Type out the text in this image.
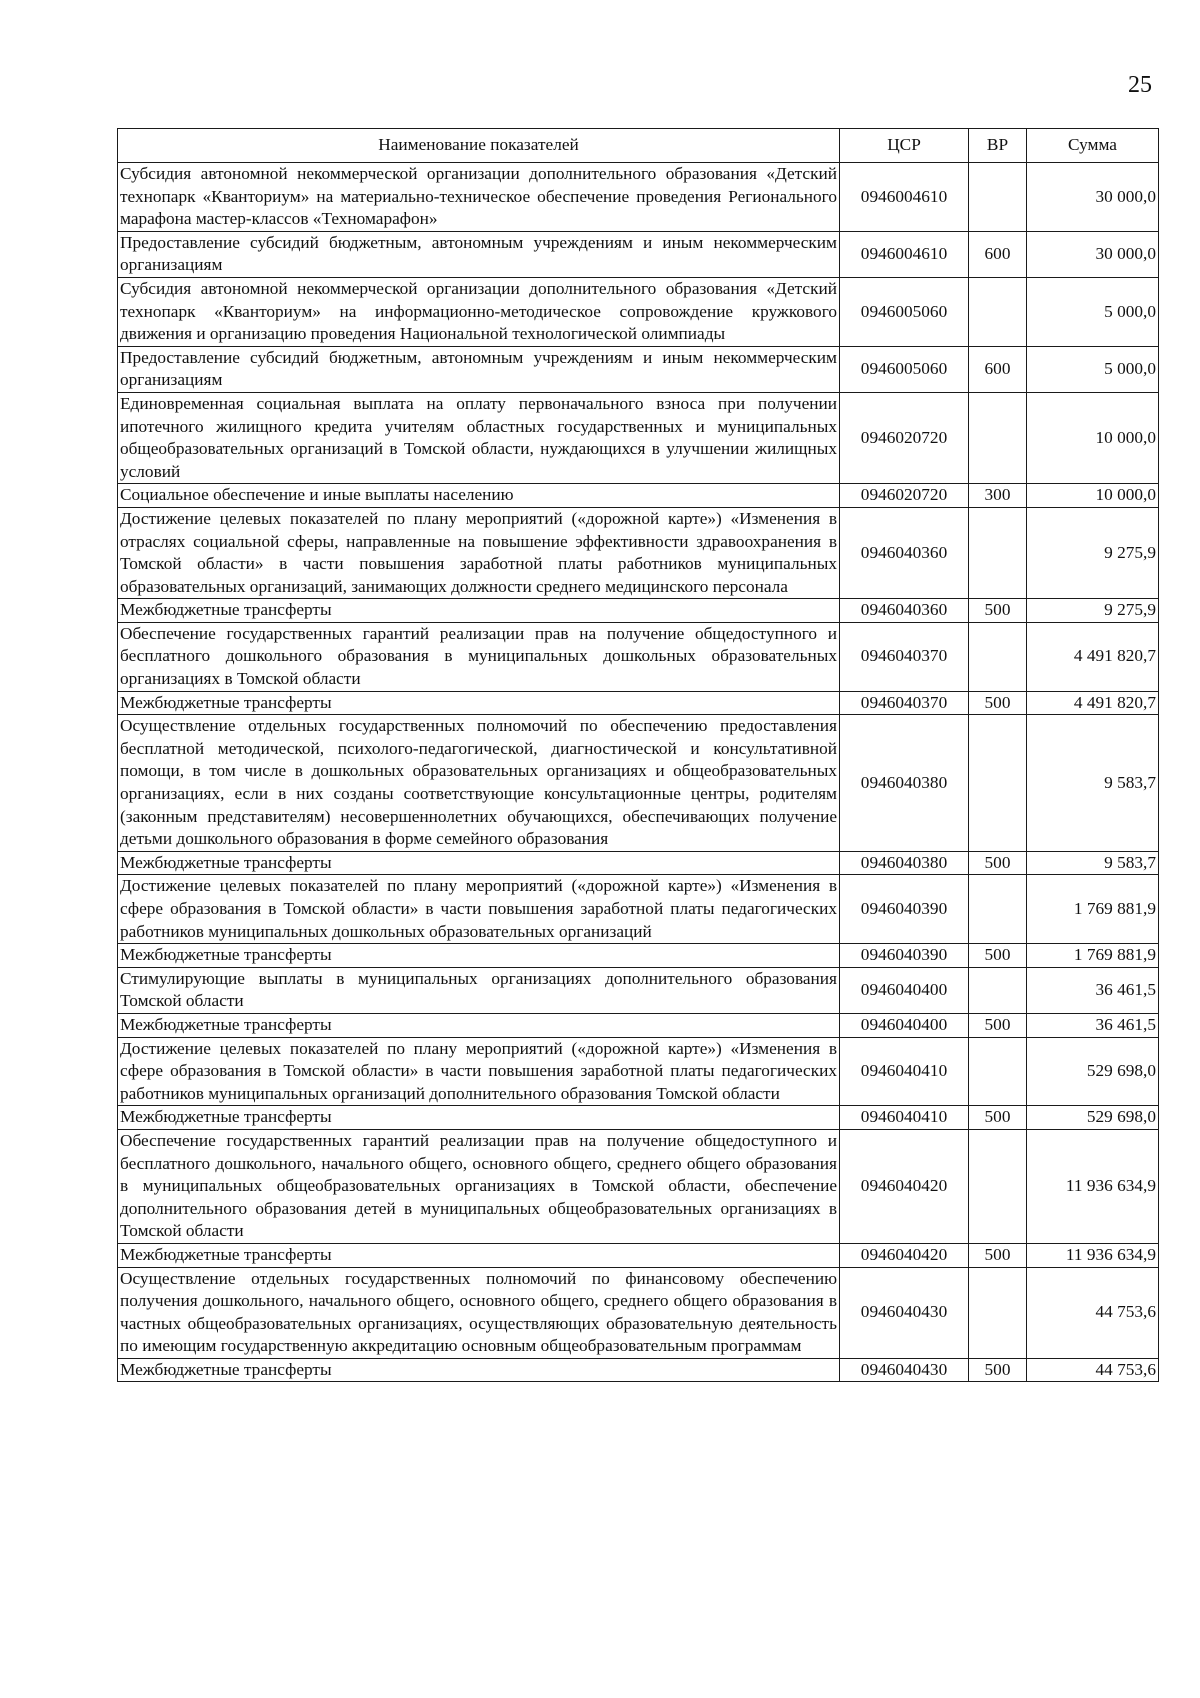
25
Наименование показателей	ЦСР	ВР	Сумма
Субсидия автономной некоммерческой организации дополнительного образования «Детский технопарк «Кванториум» на материально-техническое обеспечение проведения Регионального марафона мастер-классов «Техномарафон»	0946004610		30 000,0
Предоставление субсидий бюджетным, автономным учреждениям и иным некоммерческим организациям	0946004610	600	30 000,0
Субсидия автономной некоммерческой организации дополнительного образования «Детский технопарк «Кванториум» на информационно-методическое сопровождение кружкового движения и организацию проведения Национальной технологической олимпиады	0946005060		5 000,0
Предоставление субсидий бюджетным, автономным учреждениям и иным некоммерческим организациям	0946005060	600	5 000,0
Единовременная социальная выплата на оплату первоначального взноса при получении ипотечного жилищного кредита учителям областных государственных и муниципальных общеобразовательных организаций в Томской области, нуждающихся в улучшении жилищных условий	0946020720		10 000,0
Социальное обеспечение и иные выплаты населению	0946020720	300	10 000,0
Достижение целевых показателей по плану мероприятий («дорожной карте») «Изменения в отраслях социальной сферы, направленные на повышение эффективности здравоохранения в Томской области» в части повышения заработной платы работников муниципальных образовательных организаций, занимающих должности среднего медицинского персонала	0946040360		9 275,9
Межбюджетные трансферты	0946040360	500	9 275,9
Обеспечение государственных гарантий реализации прав на получение общедоступного и бесплатного дошкольного образования в муниципальных дошкольных образовательных организациях в Томской области	0946040370		4 491 820,7
Межбюджетные трансферты	0946040370	500	4 491 820,7
Осуществление отдельных государственных полномочий по обеспечению предоставления бесплатной методической, психолого-педагогической, диагностической и консультативной помощи, в том числе в дошкольных образовательных организациях и общеобразовательных организациях, если в них созданы соответствующие консультационные центры, родителям (законным представителям) несовершеннолетних обучающихся, обеспечивающих получение детьми дошкольного образования в форме семейного образования	0946040380		9 583,7
Межбюджетные трансферты	0946040380	500	9 583,7
Достижение целевых показателей по плану мероприятий («дорожной карте») «Изменения в сфере образования в Томской области» в части повышения заработной платы педагогических работников муниципальных дошкольных образовательных организаций	0946040390		1 769 881,9
Межбюджетные трансферты	0946040390	500	1 769 881,9
Стимулирующие выплаты в муниципальных организациях дополнительного образования Томской области	0946040400		36 461,5
Межбюджетные трансферты	0946040400	500	36 461,5
Достижение целевых показателей по плану мероприятий («дорожной карте») «Изменения в сфере образования в Томской области» в части повышения заработной платы педагогических работников муниципальных организаций дополнительного образования Томской области	0946040410		529 698,0
Межбюджетные трансферты	0946040410	500	529 698,0
Обеспечение государственных гарантий реализации прав на получение общедоступного и бесплатного дошкольного, начального общего, основного общего, среднего общего образования в муниципальных общеобразовательных организациях в Томской области, обеспечение дополнительного образования детей в муниципальных общеобразовательных организациях в Томской области	0946040420		11 936 634,9
Межбюджетные трансферты	0946040420	500	11 936 634,9
Осуществление отдельных государственных полномочий по финансовому обеспечению получения дошкольного, начального общего, основного общего, среднего общего образования в частных общеобразовательных организациях, осуществляющих образовательную деятельность по имеющим государственную аккредитацию основным общеобразовательным программам	0946040430		44 753,6
Межбюджетные трансферты	0946040430	500	44 753,6
